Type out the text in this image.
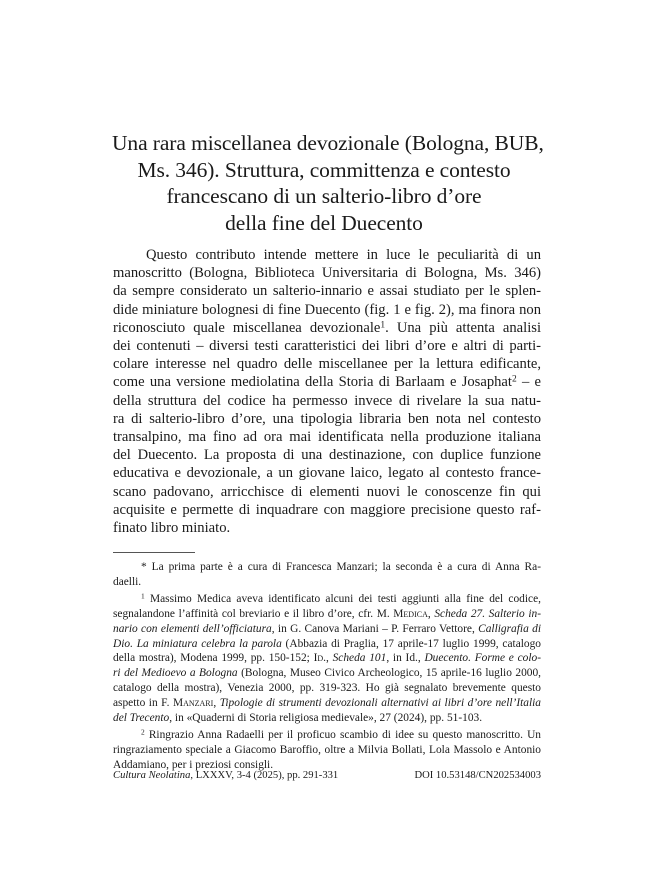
Una rara miscellanea devozionale (Bologna, BUB,
Ms. 346). Struttura, committenza e contesto
francescano di un salterio-libro d’ore
della fine del Duecento
Questo contributo intende mettere in luce le peculiarità di un
manoscritto (Bologna, Biblioteca Universitaria di Bologna, Ms. 346)
da sempre considerato un salterio-innario e assai studiato per le splen-
dide miniature bolognesi di fine Duecento (fig. 1 e fig. 2), ma finora non
riconosciuto quale miscellanea devozionale$^1$. Una più attenta analisi
dei contenuti – diversi testi caratteristici dei libri d’ore e altri di parti-
colare interesse nel quadro delle miscellanee per la lettura edificante,
come una versione mediolatina della Storia di Barlaam e Josaphat$^2$ – e
della struttura del codice ha permesso invece di rivelare la sua natu-
ra di salterio-libro d’ore, una tipologia libraria ben nota nel contesto
transalpino, ma fino ad ora mai identificata nella produzione italiana
del Duecento. La proposta di una destinazione, con duplice funzione
educativa e devozionale, a un giovane laico, legato al contesto france-
scano padovano, arricchisce di elementi nuovi le conoscenze fin qui
acquisite e permette di inquadrare con maggiore precisione questo raf-
finato libro miniato.
* La prima parte è a cura di Francesca Manzari; la seconda è a cura di Anna Ra-
daelli.
$^1$ Massimo Medica aveva identificato alcuni dei testi aggiunti alla fine del codice,
segnalandone l’affinità col breviario e il libro d’ore, cfr. M. Medica, Scheda 27. Salterio in-
nario con elementi dell’officiatura, in G. Canova Mariani – P. Ferraro Vettore, Calligrafia di
Dio. La miniatura celebra la parola (Abbazia di Praglia, 17 aprile-17 luglio 1999, catalogo
della mostra), Modena 1999, pp. 150-152; Id., Scheda 101, in Id., Duecento. Forme e colo-
ri del Medioevo a Bologna (Bologna, Museo Civico Archeologico, 15 aprile-16 luglio 2000,
catalogo della mostra), Venezia 2000, pp. 319-323. Ho già segnalato brevemente questo
aspetto in F. Manzari, Tipologie di strumenti devozionali alternativi ai libri d’ore nell’Italia
del Trecento, in «Quaderni di Storia religiosa medievale», 27 (2024), pp. 51-103.
$^2$ Ringrazio Anna Radaelli per il proficuo scambio di idee su questo manoscritto. Un
ringraziamento speciale a Giacomo Baroffio, oltre a Milvia Bollati, Lola Massolo e Antonio
Addamiano, per i preziosi consigli.
Cultura Neolatina, LXXXV, 3-4 (2025), pp. 291-331	DOI 10.53148/CN202534003
